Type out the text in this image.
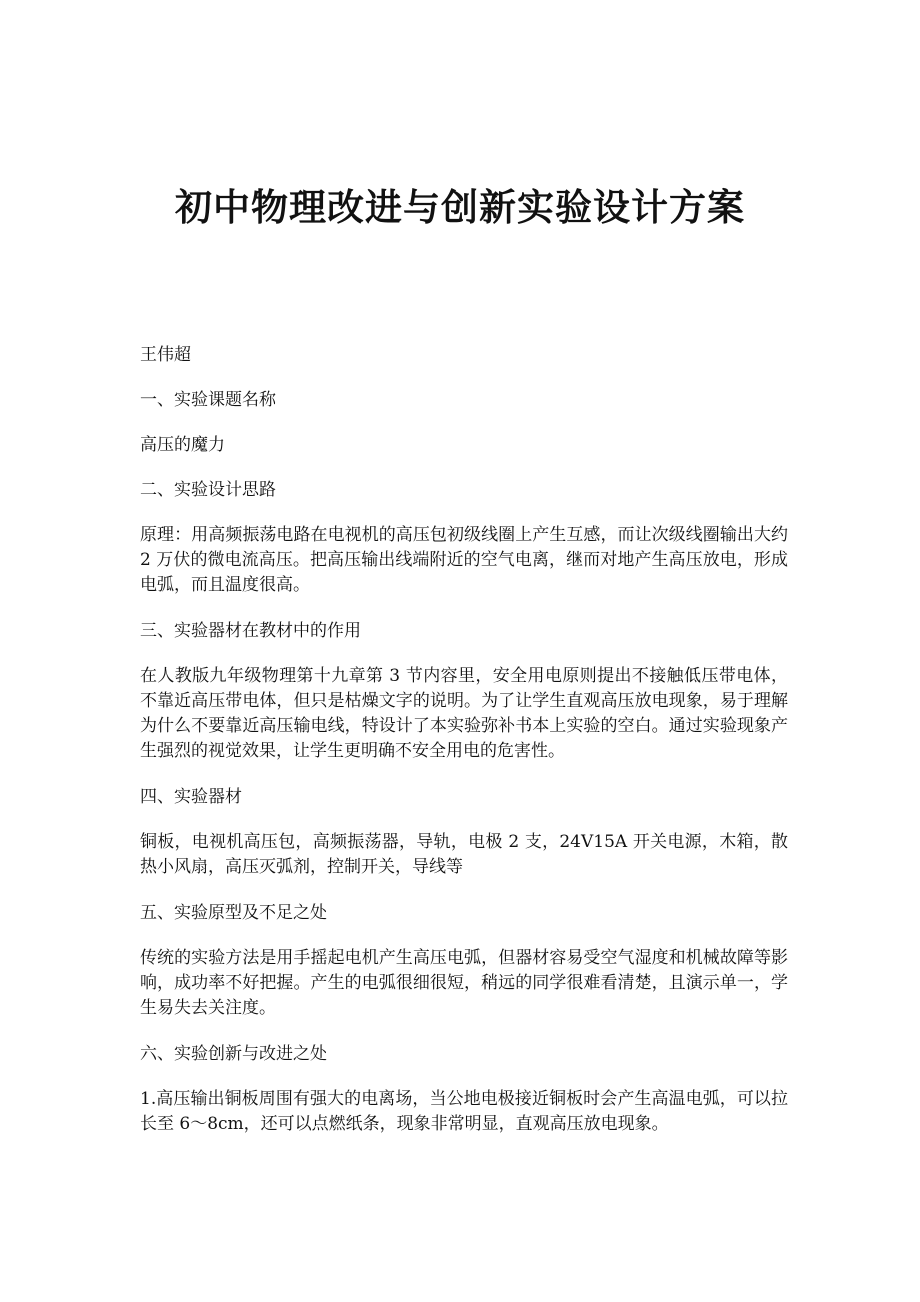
初中物理改进与创新实验设计方案

王伟超

一、实验课题名称

高压的魔力

二、实验设计思路

原理：用高频振荡电路在电视机的高压包初级线圈上产生互感，而让次级线圈输出大约 2 万伏的微电流高压。把高压输出线端附近的空气电离，继而对地产生高压放电，形成电弧，而且温度很高。

三、实验器材在教材中的作用

在人教版九年级物理第十九章第 3 节内容里，安全用电原则提出不接触低压带电体，不靠近高压带电体，但只是枯燥文字的说明。为了让学生直观高压放电现象，易于理解为什么不要靠近高压输电线，特设计了本实验弥补书本上实验的空白。通过实验现象产生强烈的视觉效果，让学生更明确不安全用电的危害性。

四、实验器材

铜板，电视机高压包，高频振荡器，导轨，电极 2 支，24V15A 开关电源，木箱，散热小风扇，高压灭弧剂，控制开关，导线等

五、实验原型及不足之处

传统的实验方法是用手摇起电机产生高压电弧，但器材容易受空气湿度和机械故障等影响，成功率不好把握。产生的电弧很细很短，稍远的同学很难看清楚，且演示单一，学生易失去关注度。

六、实验创新与改进之处

1.高压输出铜板周围有强大的电离场，当公地电极接近铜板时会产生高温电弧，可以拉长至 6～8cm，还可以点燃纸条，现象非常明显，直观高压放电现象。
